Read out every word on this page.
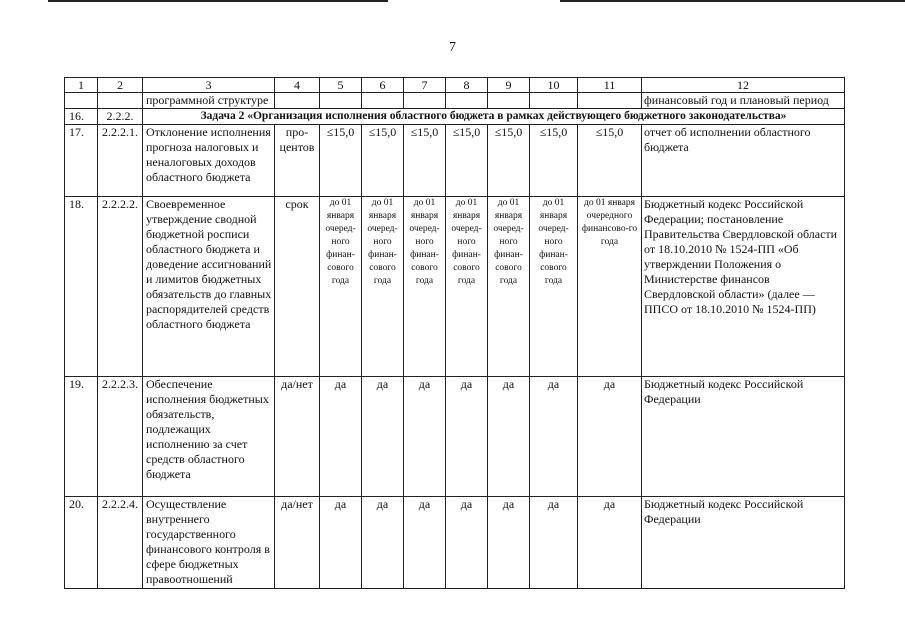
7
1	2	3	4	5	6	7	8	9	10	11	12
		программной структуре									финансовый год и плановый период
16.	2.2.2.	Задача 2 «Организация исполнения областного бюджета в рамках действующего бюджетного законодательства»									
17.	2.2.2.1.	Отклонение исполнения прогноза налоговых и неналоговых доходов областного бюджета	про-центов	≤15,0	≤15,0	≤15,0	≤15,0	≤15,0	≤15,0	≤15,0	отчет об исполнении областного бюджета
18.	2.2.2.2.	Своевременное утверждение сводной бюджетной росписи областного бюджета и доведение ассигнований и лимитов бюджетных обязательств до главных распорядителей средств областного бюджета	срок	до 01 января очеред-ного финан-сового года	до 01 января очеред-ного финан-сового года	до 01 января очеред-ного финан-сового года	до 01 января очеред-ного финан-сового года	до 01 января очеред-ного финан-сового года	до 01 января очеред-ного финан-сового года	до 01 января очередного финансово-го года	Бюджетный кодекс Российской Федерации; постановление Правительства Свердловской области от 18.10.2010 № 1524-ПП «Об утверждении Положения о Министерстве финансов Свердловской области» (далее — ППСО от 18.10.2010 № 1524-ПП)
19.	2.2.2.3.	Обеспечение исполнения бюджетных обязательств, подлежащих исполнению за счет средств областного бюджета	да/нет	да	да	да	да	да	да	да	Бюджетный кодекс Российской Федерации
20.	2.2.2.4.	Осуществление внутреннего государственного финансового контроля в сфере бюджетных правоотношений	да/нет	да	да	да	да	да	да	да	Бюджетный кодекс Российской Федерации
